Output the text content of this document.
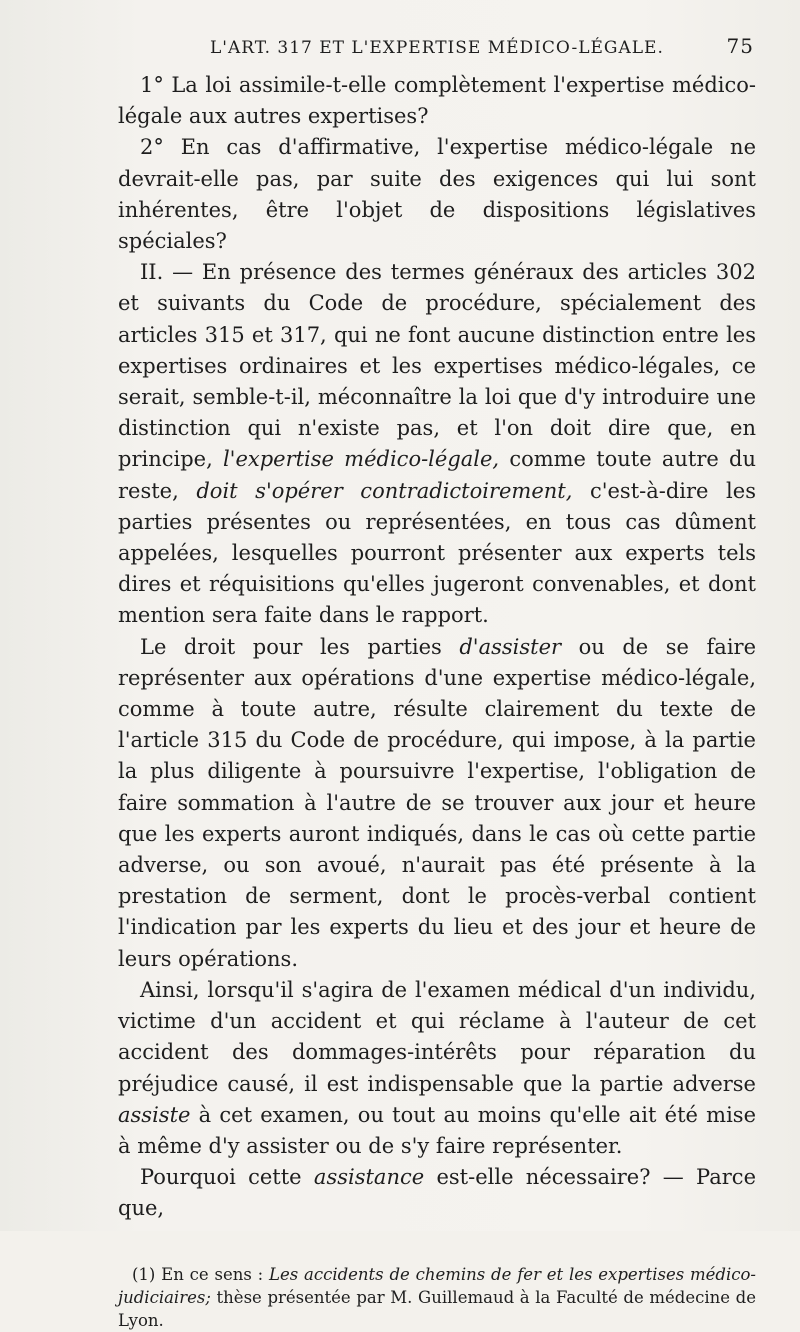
L'ART. 317 ET L'EXPERTISE MÉDICO-LÉGALE.	75

1° La loi assimile-t-elle complètement l'expertise médico-légale aux autres expertises?

2° En cas d'affirmative, l'expertise médico-légale ne devrait-elle pas, par suite des exigences qui lui sont inhérentes, être l'objet de dispositions législatives spéciales?

II. — En présence des termes généraux des articles 302 et suivants du Code de procédure, spécialement des articles 315 et 317, qui ne font aucune distinction entre les expertises ordinaires et les expertises médico-légales, ce serait, semble-t-il, méconnaître la loi que d'y introduire une distinction qui n'existe pas, et l'on doit dire que, en principe, l'expertise médico-légale, comme toute autre du reste, doit s'opérer contradictoirement, c'est-à-dire les parties présentes ou représentées, en tous cas dûment appelées, lesquelles pourront présenter aux experts tels dires et réquisitions qu'elles jugeront convenables, et dont mention sera faite dans le rapport.

Le droit pour les parties d'assister ou de se faire représenter aux opérations d'une expertise médico-légale, comme à toute autre, résulte clairement du texte de l'article 315 du Code de procédure, qui impose, à la partie la plus diligente à poursuivre l'expertise, l'obligation de faire sommation à l'autre de se trouver aux jour et heure que les experts auront indiqués, dans le cas où cette partie adverse, ou son avoué, n'aurait pas été présente à la prestation de serment, dont le procès-verbal contient l'indication par les experts du lieu et des jour et heure de leurs opérations.

Ainsi, lorsqu'il s'agira de l'examen médical d'un individu, victime d'un accident et qui réclame à l'auteur de cet accident des dommages-intérêts pour réparation du préjudice causé, il est indispensable que la partie adverse assiste à cet examen, ou tout au moins qu'elle ait été mise à même d'y assister ou de s'y faire représenter.

Pourquoi cette assistance est-elle nécessaire? — Parce que,

(1) En ce sens : Les accidents de chemins de fer et les expertises médico-judiciaires; thèse présentée par M. Guillemaud à la Faculté de médecine de Lyon.
